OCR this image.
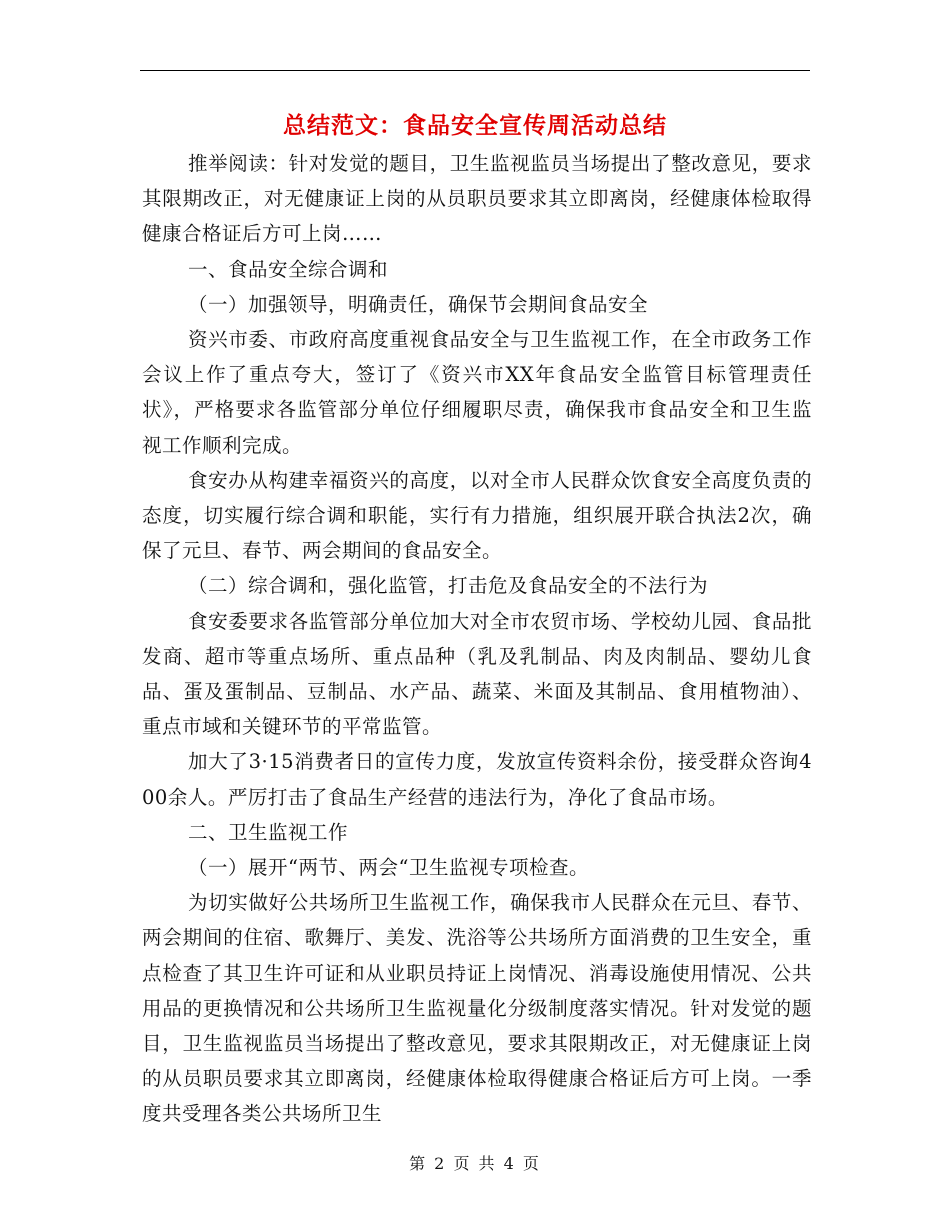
总结范文：食品安全宣传周活动总结

推举阅读：针对发觉的题目，卫生监视监员当场提出了整改意见，要求其限期改正，对无健康证上岗的从员职员要求其立即离岗，经健康体检取得健康合格证后方可上岗……

一、食品安全综合调和

（一）加强领导，明确责任，确保节会期间食品安全

资兴市委、市政府高度重视食品安全与卫生监视工作，在全市政务工作会议上作了重点夸大，签订了《资兴市XX年食品安全监管目标管理责任状》，严格要求各监管部分单位仔细履职尽责，确保我市食品安全和卫生监视工作顺利完成。

食安办从构建幸福资兴的高度，以对全市人民群众饮食安全高度负责的态度，切实履行综合调和职能，实行有力措施，组织展开联合执法2次，确保了元旦、春节、两会期间的食品安全。

（二）综合调和，强化监管，打击危及食品安全的不法行为

食安委要求各监管部分单位加大对全市农贸市场、学校幼儿园、食品批发商、超市等重点场所、重点品种（乳及乳制品、肉及肉制品、婴幼儿食品、蛋及蛋制品、豆制品、水产品、蔬菜、米面及其制品、食用植物油）、重点市域和关键环节的平常监管。

加大了3·15消费者日的宣传力度，发放宣传资料余份，接受群众咨询400余人。严厉打击了食品生产经营的违法行为，净化了食品市场。

二、卫生监视工作

（一）展开“两节、两会“卫生监视专项检查。

为切实做好公共场所卫生监视工作，确保我市人民群众在元旦、春节、两会期间的住宿、歌舞厅、美发、洗浴等公共场所方面消费的卫生安全，重点检查了其卫生许可证和从业职员持证上岗情况、消毒设施使用情况、公共用品的更换情况和公共场所卫生监视量化分级制度落实情况。针对发觉的题目，卫生监视监员当场提出了整改意见，要求其限期改正，对无健康证上岗的从员职员要求其立即离岗，经健康体检取得健康合格证后方可上岗。一季度共受理各类公共场所卫生

第 2 页 共 4 页
